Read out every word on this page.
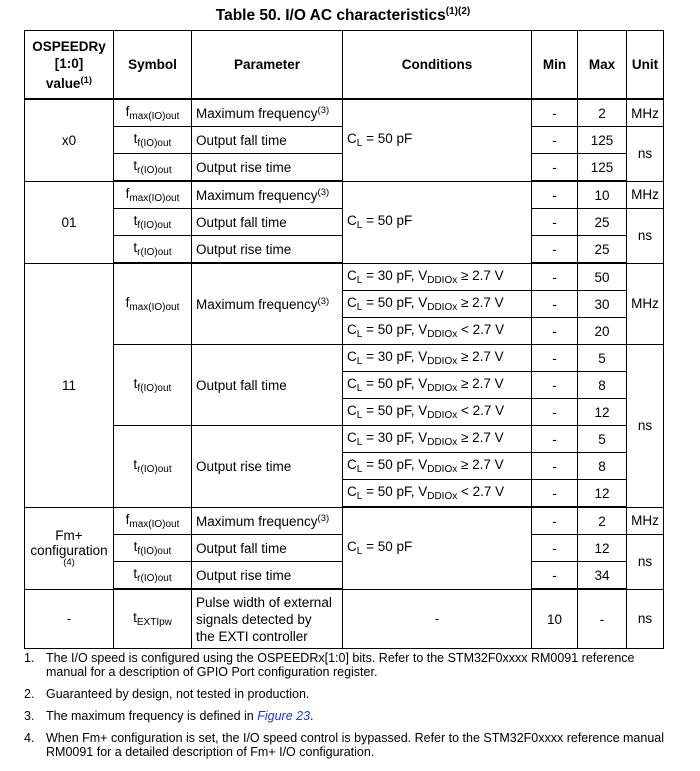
Table 50. I/O AC characteristics$^{(1)(2)}$
OSPEEDRy
[1:0]
value$^{(1)}$	Symbol	Parameter	Conditions	Min	Max	Unit
x0	$f_{max(IO)out}$	Maximum frequency$^{(3)}$	$C_L = 50$ pF	-	2	MHz
	$t_{f(IO)out}$	Output fall time		-	125	ns
	$t_{r(IO)out}$	Output rise time		-	125	
01	$f_{max(IO)out}$	Maximum frequency$^{(3)}$	$C_L = 50$ pF	-	10	MHz
	$t_{f(IO)out}$	Output fall time		-	25	ns
	$t_{r(IO)out}$	Output rise time		-	25	
11	$f_{max(IO)out}$	Maximum frequency$^{(3)}$	$C_L = 30$ pF, $V_{DDIOx} \ge 2.7$ V	-	50	MHz
			$C_L = 50$ pF, $V_{DDIOx} \ge 2.7$ V	-	30	
			$C_L = 50$ pF, $V_{DDIOx} < 2.7$ V	-	20	
	$t_{f(IO)out}$	Output fall time	$C_L = 30$ pF, $V_{DDIOx} \ge 2.7$ V	-	5	ns
			$C_L = 50$ pF, $V_{DDIOx} \ge 2.7$ V	-	8	
			$C_L = 50$ pF, $V_{DDIOx} < 2.7$ V	-	12	
	$t_{r(IO)out}$	Output rise time	$C_L = 30$ pF, $V_{DDIOx} \ge 2.7$ V	-	5	
			$C_L = 50$ pF, $V_{DDIOx} \ge 2.7$ V	-	8	
			$C_L = 50$ pF, $V_{DDIOx} < 2.7$ V	-	12	
Fm+
configuration
(4)	$f_{max(IO)out}$	Maximum frequency$^{(3)}$	$C_L = 50$ pF	-	2	MHz
	$t_{f(IO)out}$	Output fall time		-	12	ns
	$t_{r(IO)out}$	Output rise time		-	34	
-	$t_{EXTIpw}$	Pulse width of external
signals detected by
the EXTI controller	-	10	-	ns
1. The I/O speed is configured using the OSPEEDRx[1:0] bits. Refer to the STM32F0xxxx RM0091 reference manual for a description of GPIO Port configuration register.
2. Guaranteed by design, not tested in production.
3. The maximum frequency is defined in Figure 23.
4. When Fm+ configuration is set, the I/O speed control is bypassed. Refer to the STM32F0xxxx reference manual RM0091 for a detailed description of Fm+ I/O configuration.
